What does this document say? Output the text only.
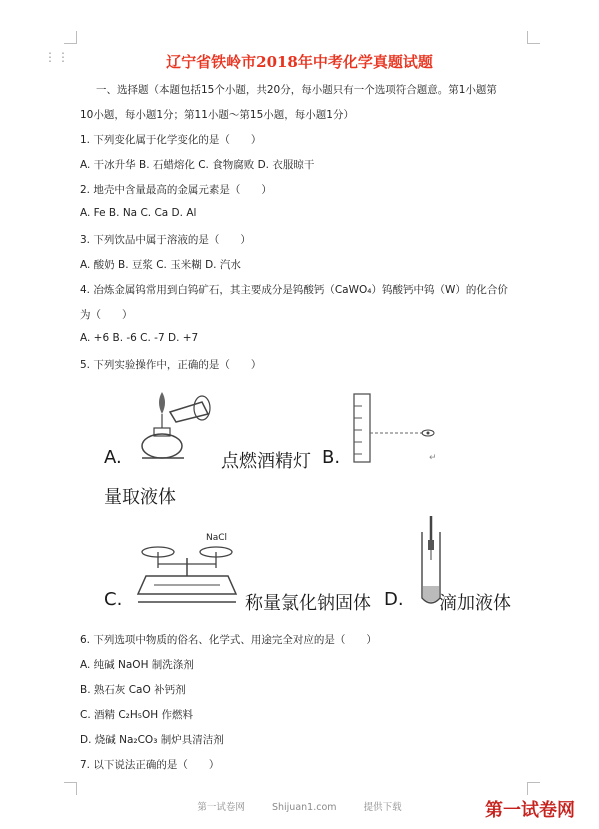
⋮⋮	辽宁省铁岭市2018年中考化学真题试题
一、选择题（本题包括15个小题，共20分，每小题只有一个选项符合题意。第1小题第
10小题，每小题1分；第11小题～第15小题，每小题1分）
1. 下列变化属于化学变化的是（　　）
A. 干冰升华 B. 石蜡熔化 C. 食物腐败 D. 衣服晾干
2. 地壳中含量最高的金属元素是（　　）
A. Fe B. Na C. Ca D. Al
3. 下列饮品中属于溶液的是（　　）
A. 酸奶 B. 豆浆 C. 玉米糊 D. 汽水
4. 冶炼金属钨常用到白钨矿石，其主要成分是钨酸钙（CaWO₄）钨酸钙中钨（W）的化合价
为（　　）
A. +6 B. -6 C. -7 D. +7
5. 下列实验操作中，正确的是（　　）
A.	点燃酒精灯 B.	↵
量取液体
NaCl
C.	称量氯化钠固体 D. 滴加液体
6. 下列选项中物质的俗名、化学式、用途完全对应的是（　　）
A. 纯碱 NaOH 制洗涤剂
B. 熟石灰 CaO 补钙剂
C. 酒精 C₂H₅OH 作燃料
D. 烧碱 Na₂CO₃ 制炉具清洁剂
7. 以下说法正确的是（　　）
第一试卷网	Shijuan1.com	提供下载	第一试卷网
